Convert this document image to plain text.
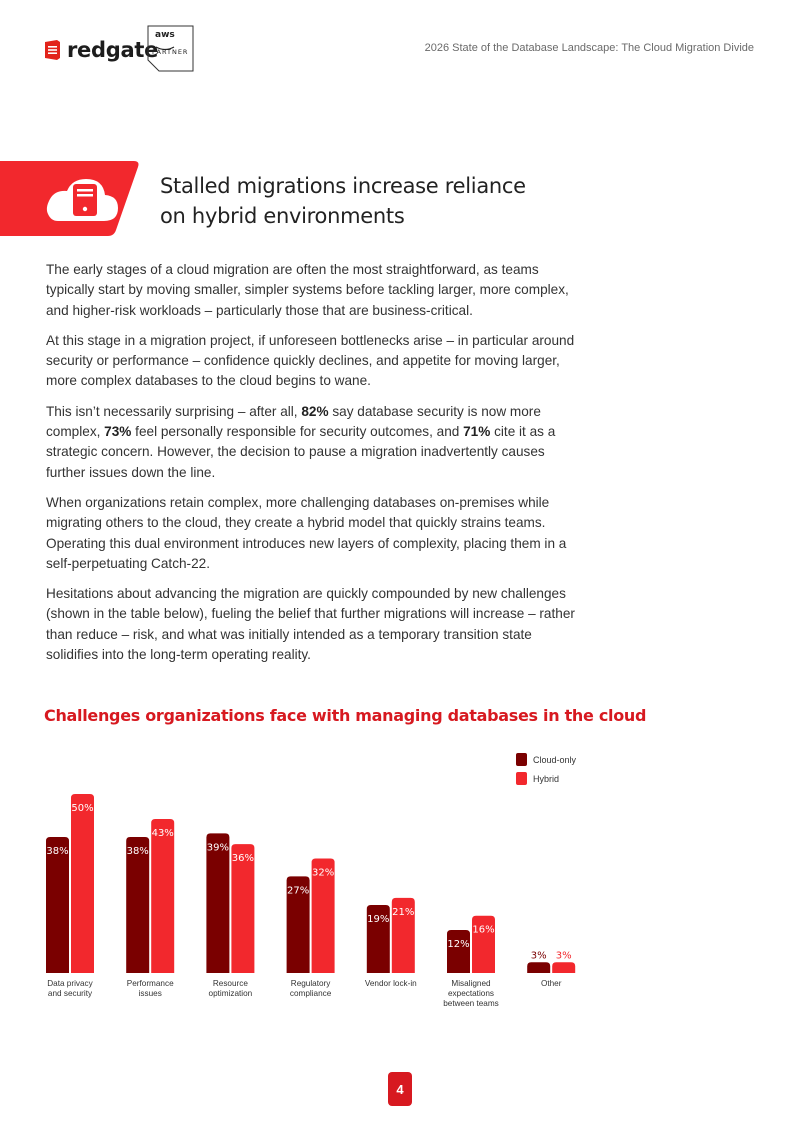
redgate
aws
PARTNER	2026 State of the Database Landscape: The Cloud Migration Divide
Stalled migrations increase reliance
on hybrid environments

The early stages of a cloud migration are often the most straightforward, as teams typically start by moving smaller, simpler systems before tackling larger, more complex, and higher-risk workloads – particularly those that are business-critical.

At this stage in a migration project, if unforeseen bottlenecks arise – in particular around security or performance – confidence quickly declines, and appetite for moving larger, more complex databases to the cloud begins to wane.

This isn’t necessarily surprising – after all, 82% say database security is now more complex, 73% feel personally responsible for security outcomes, and 71% cite it as a strategic concern. However, the decision to pause a migration inadvertently causes further issues down the line.

When organizations retain complex, more challenging databases on-premises while migrating others to the cloud, they create a hybrid model that quickly strains teams. Operating this dual environment introduces new layers of complexity, placing them in a self-perpetuating Catch-22.

Hesitations about advancing the migration are quickly compounded by new challenges (shown in the table below), fueling the belief that further migrations will increase – rather than reduce – risk, and what was initially intended as a temporary transition state solidifies into the long-term operating reality.

Challenges organizations face with managing databases in the cloud
38%
50%
Data privacy and security
38%
43%
Performance issues
39%
36%
Resource optimization
27%
32%
Regulatory compliance
19%
21%
Vendor lock-in
12%
16%
Misaligned expectations between teams
3% 3%
Other
Cloud-only
Hybrid
4
